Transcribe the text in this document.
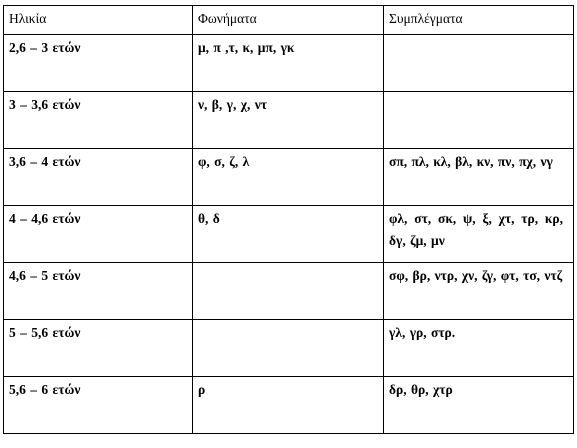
Ηλικία	Φωνήματα	Συμπλέγματα

2,6 – 3 ετών	μ, π ,τ, κ, μπ, γκ	

3 – 3,6 ετών	ν, β, γ, χ, ντ	

3,6 – 4 ετών	φ, σ, ζ, λ	σπ, πλ, κλ, βλ, κν, πν, πχ, νγ

4 – 4,6 ετών	θ, δ	φλ, στ, σκ, ψ, ξ, χτ, τρ, κρ, δγ, ζμ, μν

4,6 – 5 ετών		σφ, βρ, ντρ, χν, ζγ, φτ, τσ, ντζ

5 – 5,6 ετών		γλ, γρ, στρ.

5,6 – 6 ετών	ρ	δρ, θρ, χτρ
